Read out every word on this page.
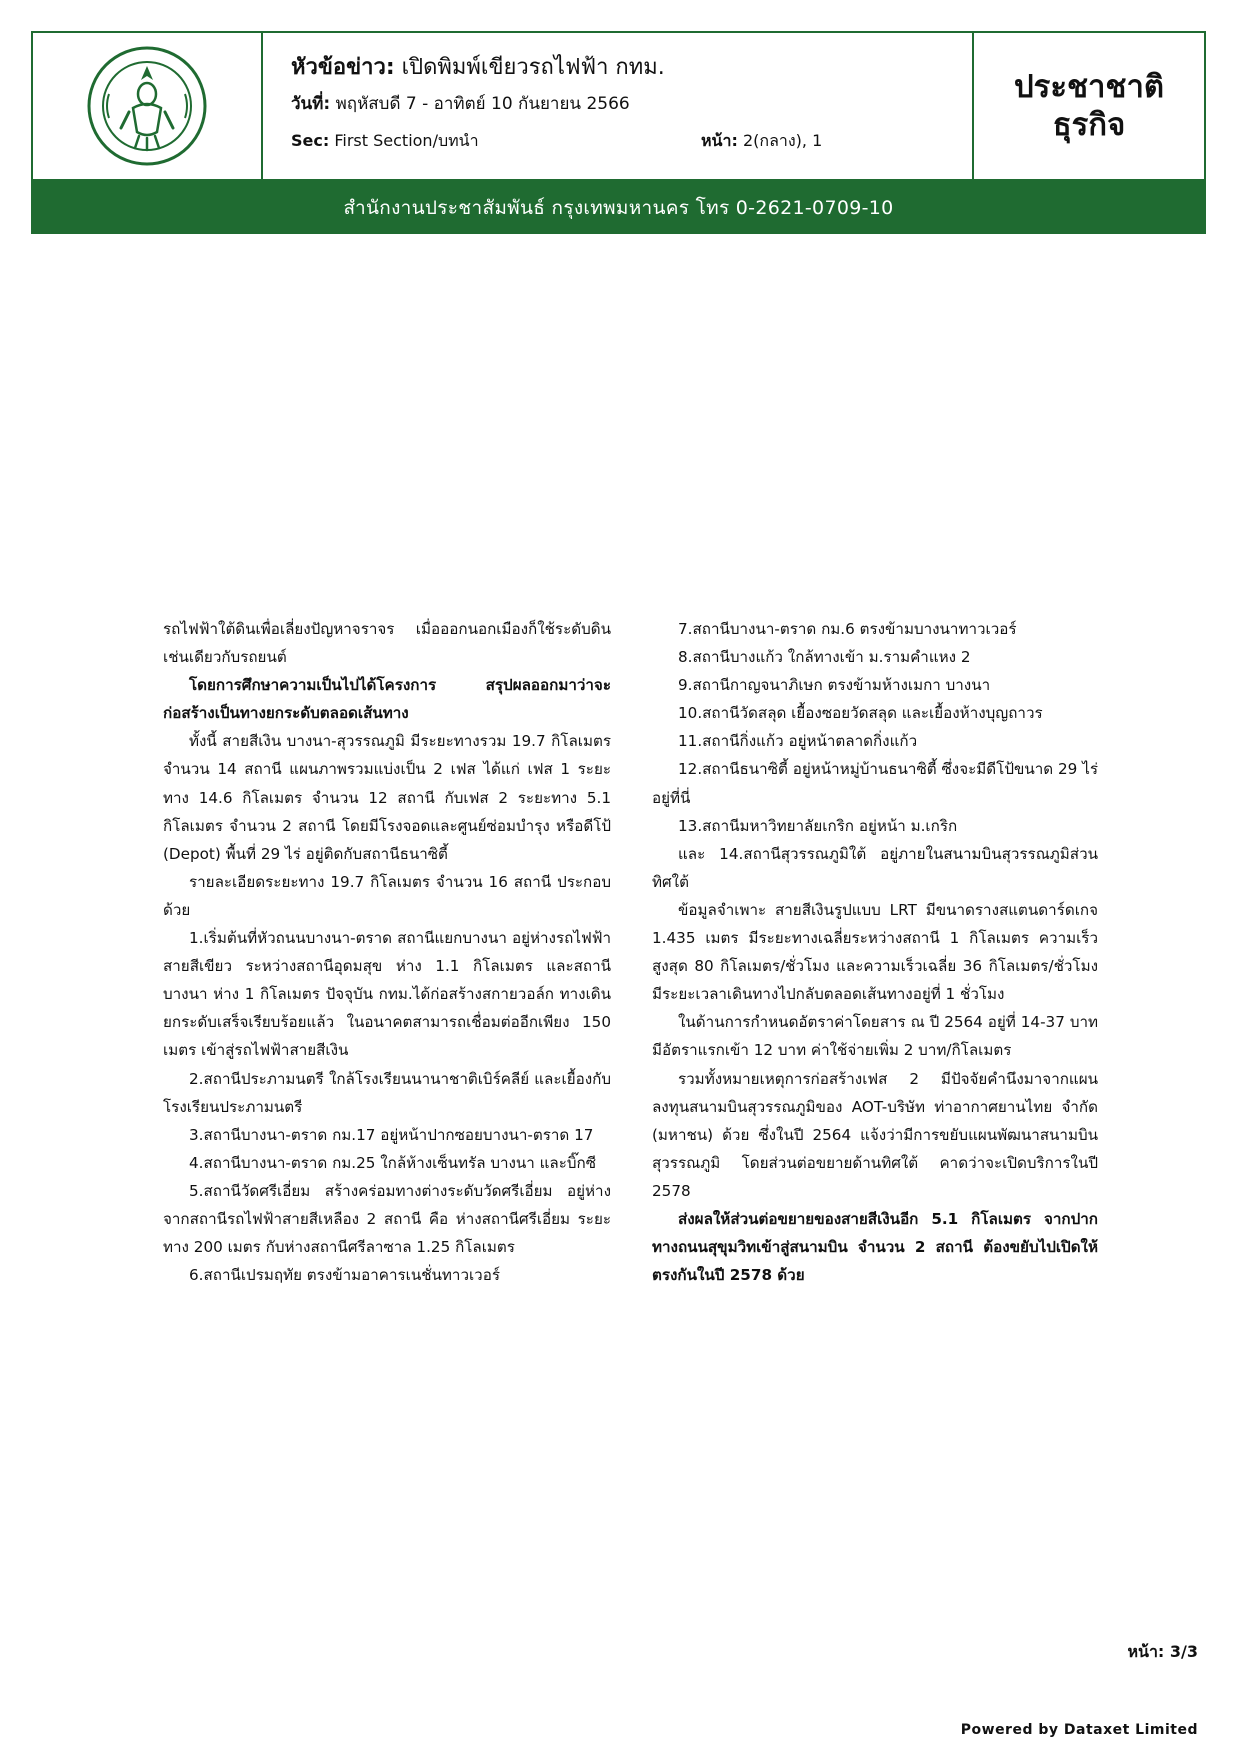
หัวข้อข่าว: เปิดพิมพ์เขียวรถไฟฟ้า กทม.
วันที่: พฤหัสบดี 7 - อาทิตย์ 10 กันยายน 2566
Sec: First Section/บทนำ	หน้า: 2(กลาง), 1
ประชาชาติ
ธุรกิจ
สำนักงานประชาสัมพันธ์ กรุงเทพมหานคร โทร 0-2621-0709-10

รถไฟฟ้าใต้ดินเพื่อเลี่ยงปัญหาจราจร เมื่อออกนอกเมืองก็ใช้ระดับดินเช่นเดียวกับรถยนต์

โดยการศึกษาความเป็นไปได้โครงการ สรุปผลออกมาว่าจะก่อสร้างเป็นทางยกระดับตลอดเส้นทาง

ทั้งนี้ สายสีเงิน บางนา-สุวรรณภูมิ มีระยะทางรวม 19.7 กิโลเมตร จำนวน 14 สถานี แผนภาพรวมแบ่งเป็น 2 เฟส ได้แก่ เฟส 1 ระยะทาง 14.6 กิโลเมตร จำนวน 12 สถานี กับเฟส 2 ระยะทาง 5.1 กิโลเมตร จำนวน 2 สถานี โดยมีโรงจอดและศูนย์ซ่อมบำรุง หรือดีโป้ (Depot) พื้นที่ 29 ไร่ อยู่ติดกับสถานีธนาซิตี้

รายละเอียดระยะทาง 19.7 กิโลเมตร จำนวน 16 สถานี ประกอบด้วย

1.เริ่มต้นที่หัวถนนบางนา-ตราด สถานีแยกบางนา อยู่ห่างรถไฟฟ้าสายสีเขียว ระหว่างสถานีอุดมสุข ห่าง 1.1 กิโลเมตร และสถานีบางนา ห่าง 1 กิโลเมตร ปัจจุบัน กทม.ได้ก่อสร้างสกายวอล์ก ทางเดินยกระดับเสร็จเรียบร้อยแล้ว ในอนาคตสามารถเชื่อมต่ออีกเพียง 150 เมตร เข้าสู่รถไฟฟ้าสายสีเงิน

2.สถานีประภามนตรี ใกล้โรงเรียนนานาชาติเบิร์คลีย์ และเยื้องกับโรงเรียนประภามนตรี

3.สถานีบางนา-ตราด กม.17 อยู่หน้าปากซอยบางนา-ตราด 17

4.สถานีบางนา-ตราด กม.25 ใกล้ห้างเซ็นทรัล บางนา และบิ๊กซี

5.สถานีวัดศรีเอี่ยม สร้างคร่อมทางต่างระดับวัดศรีเอี่ยม อยู่ห่างจากสถานีรถไฟฟ้าสายสีเหลือง 2 สถานี คือ ห่างสถานีศรีเอี่ยม ระยะทาง 200 เมตร กับห่างสถานีศรีลาซาล 1.25 กิโลเมตร

6.สถานีเปรมฤทัย ตรงข้ามอาคารเนชั่นทาวเวอร์

7.สถานีบางนา-ตราด กม.6 ตรงข้ามบางนาทาวเวอร์

8.สถานีบางแก้ว ใกล้ทางเข้า ม.รามคำแหง 2

9.สถานีกาญจนาภิเษก ตรงข้ามห้างเมกา บางนา

10.สถานีวัดสลุด เยื้องซอยวัดสลุด และเยื้องห้างบุญถาวร

11.สถานีกิ่งแก้ว อยู่หน้าตลาดกิ่งแก้ว

12.สถานีธนาซิตี้ อยู่หน้าหมู่บ้านธนาซิตี้ ซึ่งจะมีดีโป้ขนาด 29 ไร่ อยู่ที่นี่

13.สถานีมหาวิทยาลัยเกริก อยู่หน้า ม.เกริก

และ 14.สถานีสุวรรณภูมิใต้ อยู่ภายในสนามบินสุวรรณภูมิส่วนทิศใต้

ข้อมูลจำเพาะ สายสีเงินรูปแบบ LRT มีขนาดรางสแตนดาร์ดเกจ 1.435 เมตร มีระยะทางเฉลี่ยระหว่างสถานี 1 กิโลเมตร ความเร็วสูงสุด 80 กิโลเมตร/ชั่วโมง และความเร็วเฉลี่ย 36 กิโลเมตร/ชั่วโมง มีระยะเวลาเดินทางไปกลับตลอดเส้นทางอยู่ที่ 1 ชั่วโมง

ในด้านการกำหนดอัตราค่าโดยสาร ณ ปี 2564 อยู่ที่ 14-37 บาท มีอัตราแรกเข้า 12 บาท ค่าใช้จ่ายเพิ่ม 2 บาท/กิโลเมตร

รวมทั้งหมายเหตุการก่อสร้างเฟส 2 มีปัจจัยคำนึงมาจากแผนลงทุนสนามบินสุวรรณภูมิของ AOT-บริษัท ท่าอากาศยานไทย จำกัด (มหาชน) ด้วย ซึ่งในปี 2564 แจ้งว่ามีการขยับแผนพัฒนาสนามบินสุวรรณภูมิ โดยส่วนต่อขยายด้านทิศใต้ คาดว่าจะเปิดบริการในปี 2578

ส่งผลให้ส่วนต่อขยายของสายสีเงินอีก 5.1 กิโลเมตร จากปากทางถนนสุขุมวิทเข้าสู่สนามบิน จำนวน 2 สถานี ต้องขยับไปเปิดให้ตรงกันในปี 2578 ด้วย

หน้า: 3/3
Powered by Dataxet Limited
